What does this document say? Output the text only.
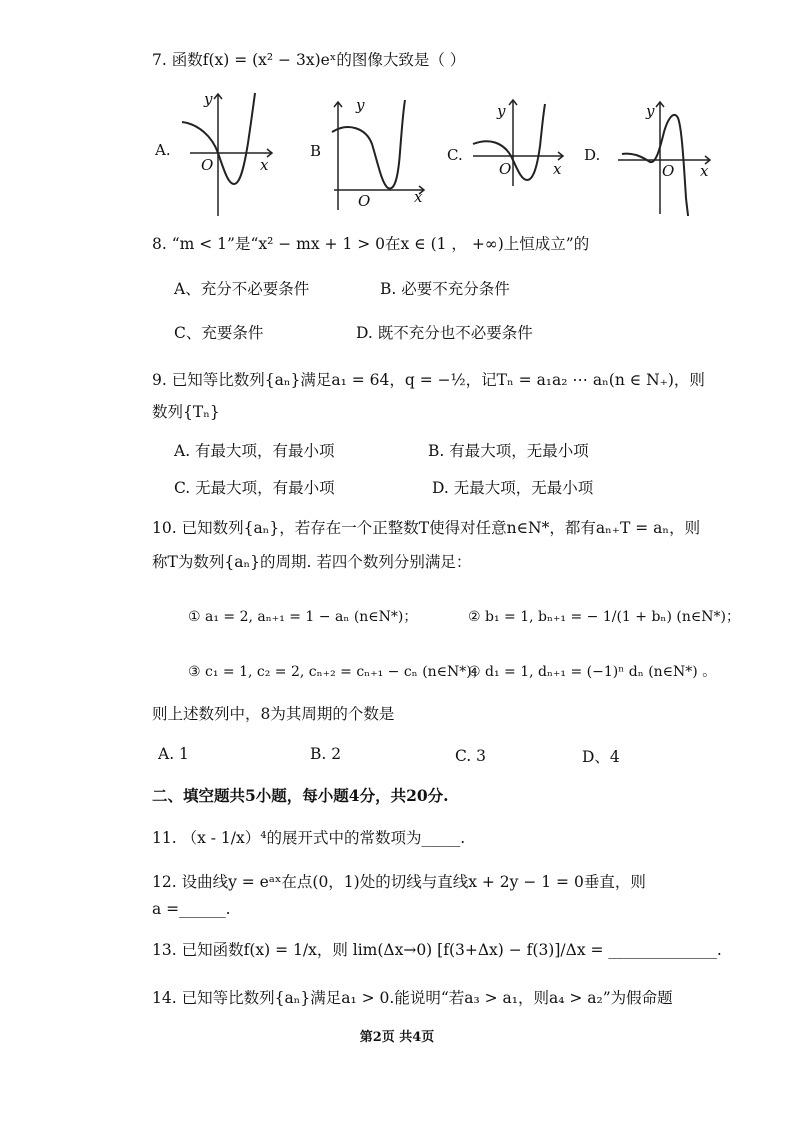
7. 函数f(x) = (x² − 3x)eˣ的图像大致是（ ）
A.
y
x
O
B
y
x
O
C.
y
x
O
D.
y
x
O
8. “m < 1”是“x² − mx + 1 > 0在x ∈ (1 ， +∞)上恒成立”的
A、充分不必要条件	B. 必要不充分条件
C、充要条件	D. 既不充分也不必要条件
9. 已知等比数列{aₙ}满足a₁ = 64，q = −½，记Tₙ = a₁a₂ ⋯ aₙ(n ∈ N₊)，则
数列{Tₙ}
A. 有最大项，有最小项	B. 有最大项，无最小项
C. 无最大项，有最小项	D. 无最大项，无最小项
10. 已知数列{aₙ}，若存在一个正整数T使得对任意n∈N*，都有aₙ₊T = aₙ，则
称T为数列{aₙ}的周期. 若四个数列分别满足：
① a₁ = 2, aₙ₊₁ = 1 − aₙ (n∈N*)；	② b₁ = 1, bₙ₊₁ = − 1/(1 + bₙ) (n∈N*)；
③ c₁ = 1, c₂ = 2, cₙ₊₂ = cₙ₊₁ − cₙ (n∈N*)；
④ d₁ = 1, dₙ₊₁ = (−1)ⁿ dₙ (n∈N*) 。
则上述数列中，8为其周期的个数是
A. 1	B. 2	C. 3	D、4
二、填空题共5小题，每小题4分，共20分.
11. （x - 1/x）⁴的展开式中的常数项为_____.
12. 设曲线y = eᵃˣ在点(0，1)处的切线与直线x + 2y − 1 = 0垂直，则
a =______.
13. 已知函数f(x) = 1/x，则 lim(Δx→0) [f(3+Δx) − f(3)]/Δx = ______________.
14. 已知等比数列{aₙ}满足a₁ > 0.能说明“若a₃ > a₁，则a₄ > a₂”为假命题
第2页 共4页
